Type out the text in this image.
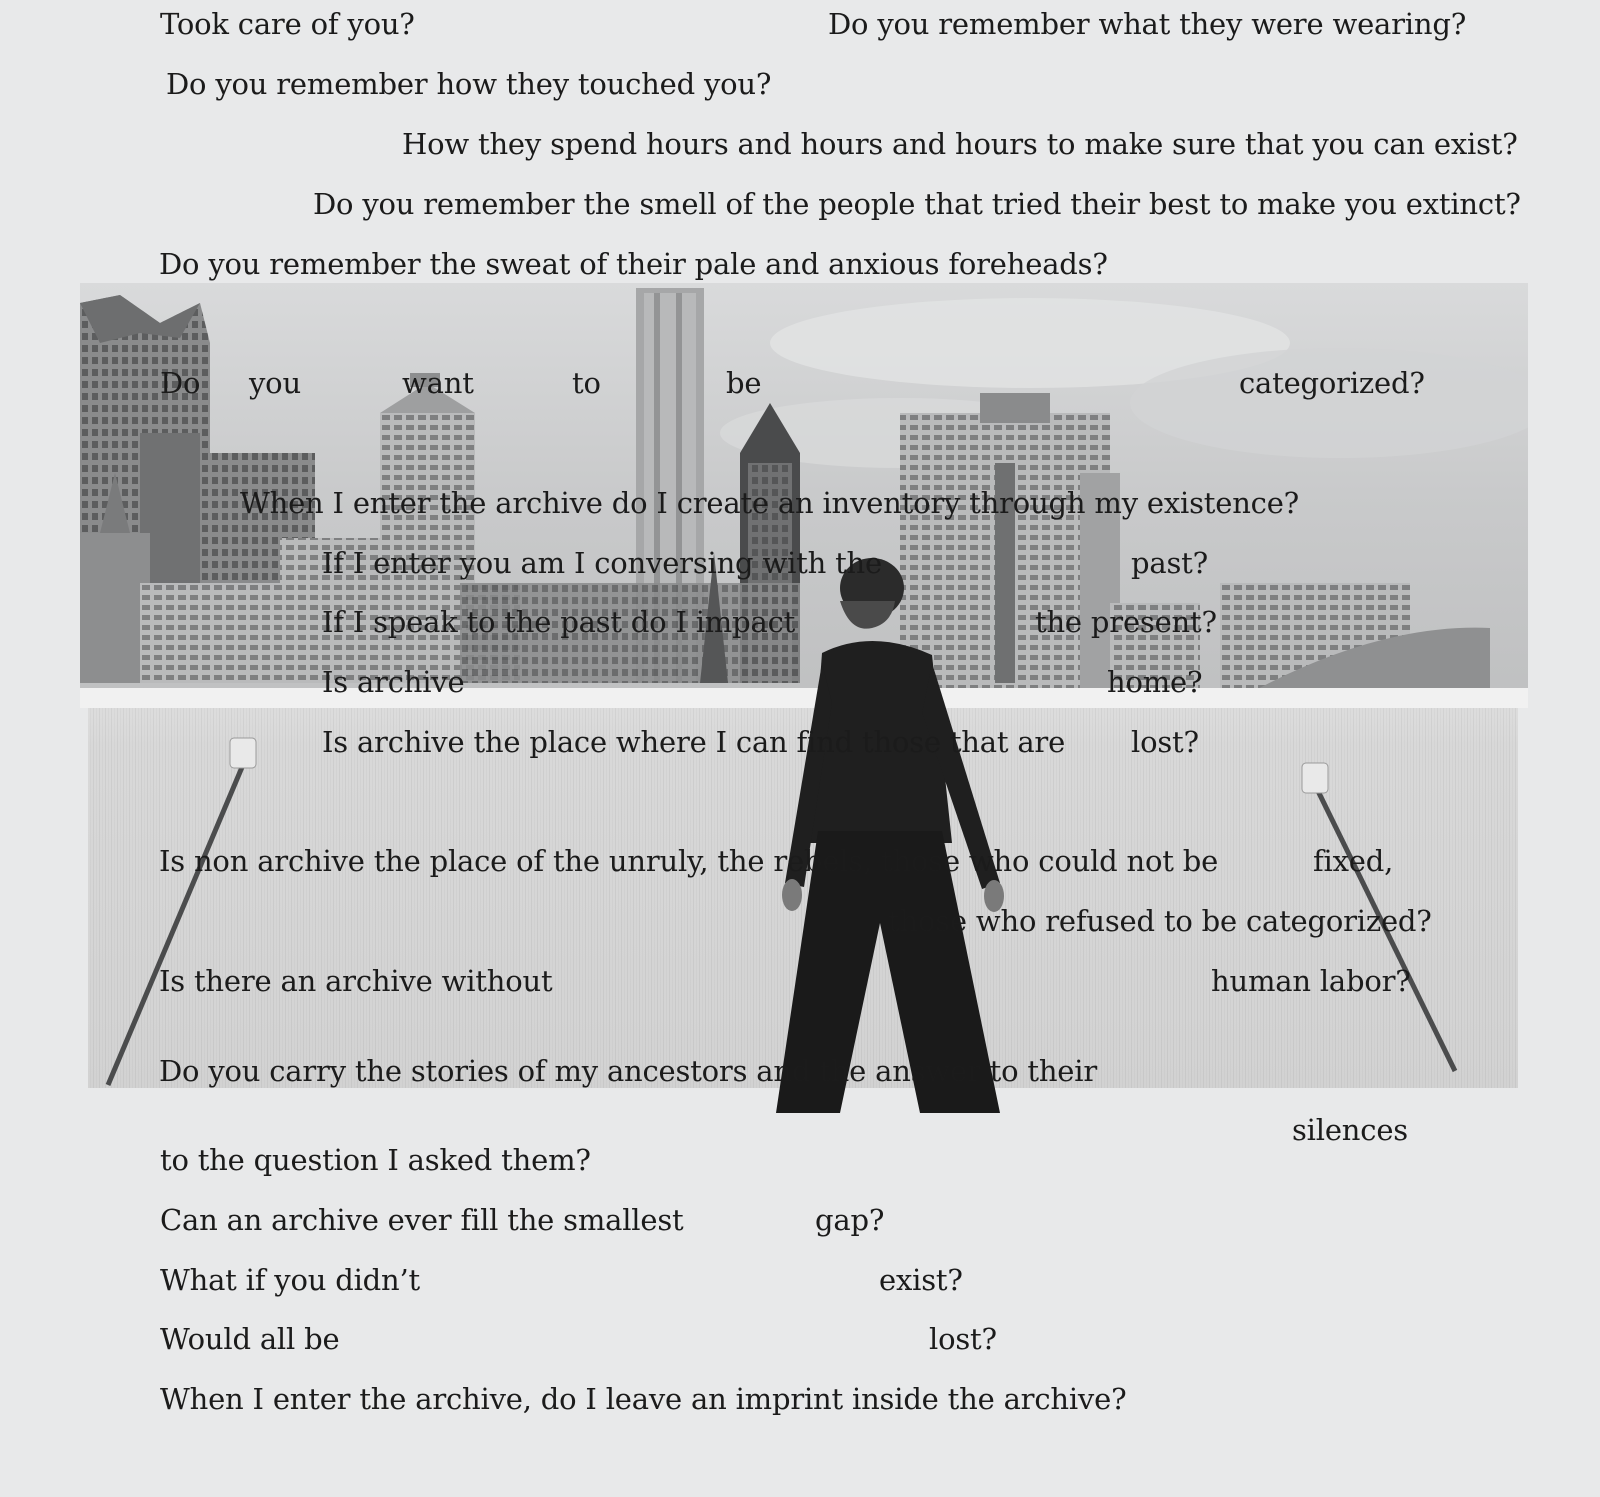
Took care of you?	Do you remember what they were wearing?
Do you remember how they touched you?
How they spend hours and hours and hours to make sure that you can exist?
Do you remember the smell of the people that tried their best to make you extinct?
Do you remember the sweat of their pale and anxious foreheads?
Do you	want	to	be	categorized?
When I enter the archive do I create an inventory through my existence?
If I enter you am I conversing with the	past?
If I speak to the past do I impact	the present?
Is archive	home?
Is archive the place where I can find those that are lost?
Is non archive the place of the unruly, the rebels, those who could not be	fixed,
those who refused to be categorized?
Is there an archive without	human labor?
Do you carry the stories of my ancestors and the answer to their
silences
to the question I asked them?
Can an archive ever fill the smallest	gap?
What if you didn’t	exist?
Would all be	lost?
When I enter the archive, do I leave an imprint inside the archive?
